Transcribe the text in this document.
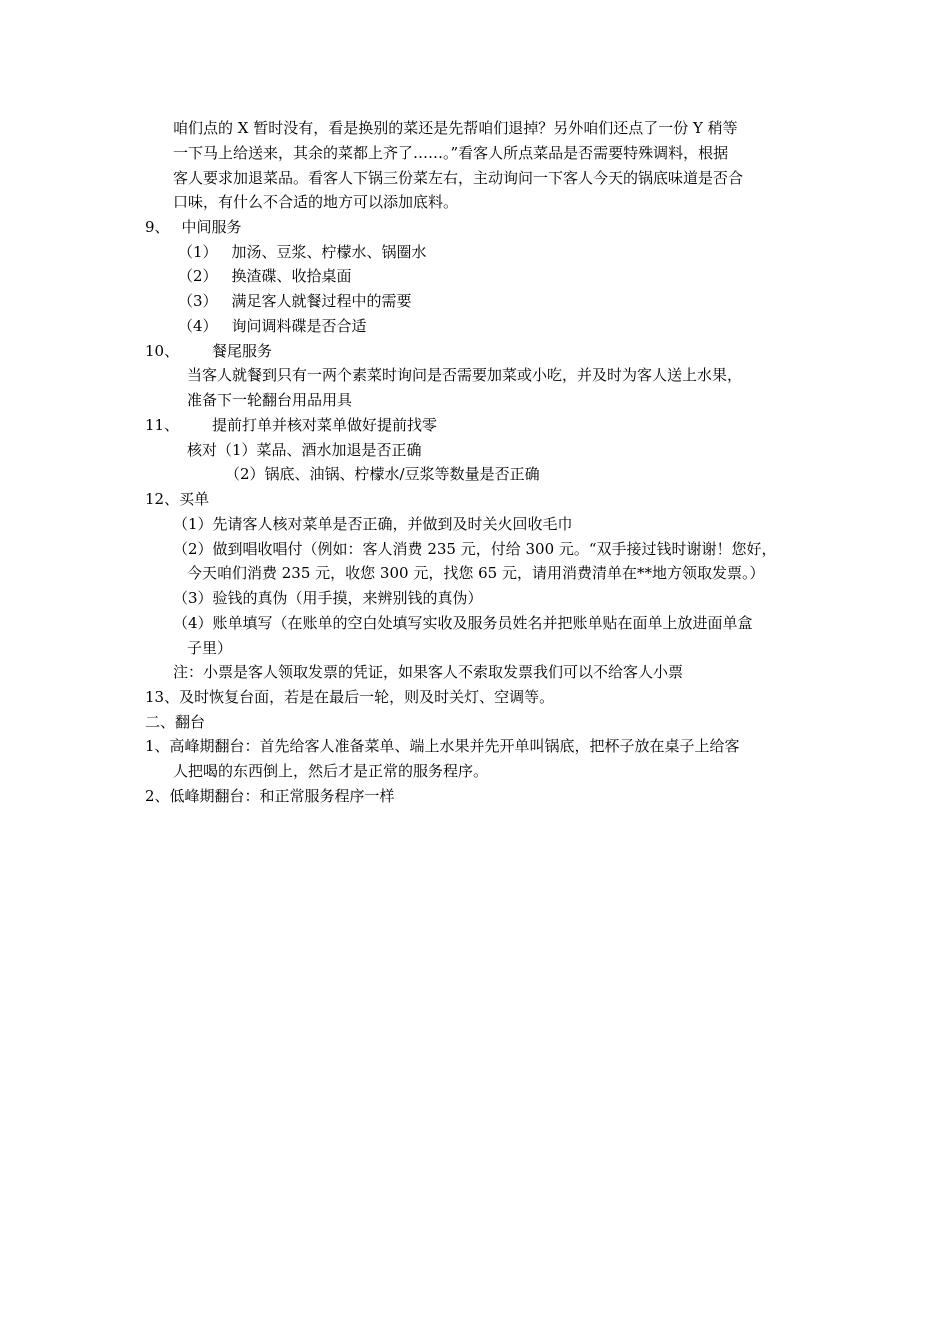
咱们点的 X 暂时没有，看是换别的菜还是先帮咱们退掉？另外咱们还点了一份 Y 稍等
一下马上给送来，其余的菜都上齐了……。”看客人所点菜品是否需要特殊调料，根据
客人要求加退菜品。看客人下锅三份菜左右，主动询问一下客人今天的锅底味道是否合
口味，有什么不合适的地方可以添加底料。
9、 中间服务
（1） 加汤、豆浆、柠檬水、锅圈水
（2） 换渣碟、收拾桌面
（3） 满足客人就餐过程中的需要
（4） 询问调料碟是否合适
10、 餐尾服务
当客人就餐到只有一两个素菜时询问是否需要加菜或小吃，并及时为客人送上水果，
准备下一轮翻台用品用具
11、 提前打单并核对菜单做好提前找零
核对（1）菜品、酒水加退是否正确
（2）锅底、油锅、柠檬水/豆浆等数量是否正确
12、买单
（1）先请客人核对菜单是否正确，并做到及时关火回收毛巾
（2）做到唱收唱付（例如：客人消费 235 元，付给 300 元。“双手接过钱时谢谢！您好，
今天咱们消费 235 元，收您 300 元，找您 65 元，请用消费清单在**地方领取发票。）
（3）验钱的真伪（用手摸，来辨别钱的真伪）
（4）账单填写（在账单的空白处填写实收及服务员姓名并把账单贴在面单上放进面单盒
子里）
注：小票是客人领取发票的凭证，如果客人不索取发票我们可以不给客人小票
13、及时恢复台面，若是在最后一轮，则及时关灯、空调等。
二、翻台
1、高峰期翻台：首先给客人准备菜单、端上水果并先开单叫锅底，把杯子放在桌子上给客
人把喝的东西倒上，然后才是正常的服务程序。
2、低峰期翻台：和正常服务程序一样
